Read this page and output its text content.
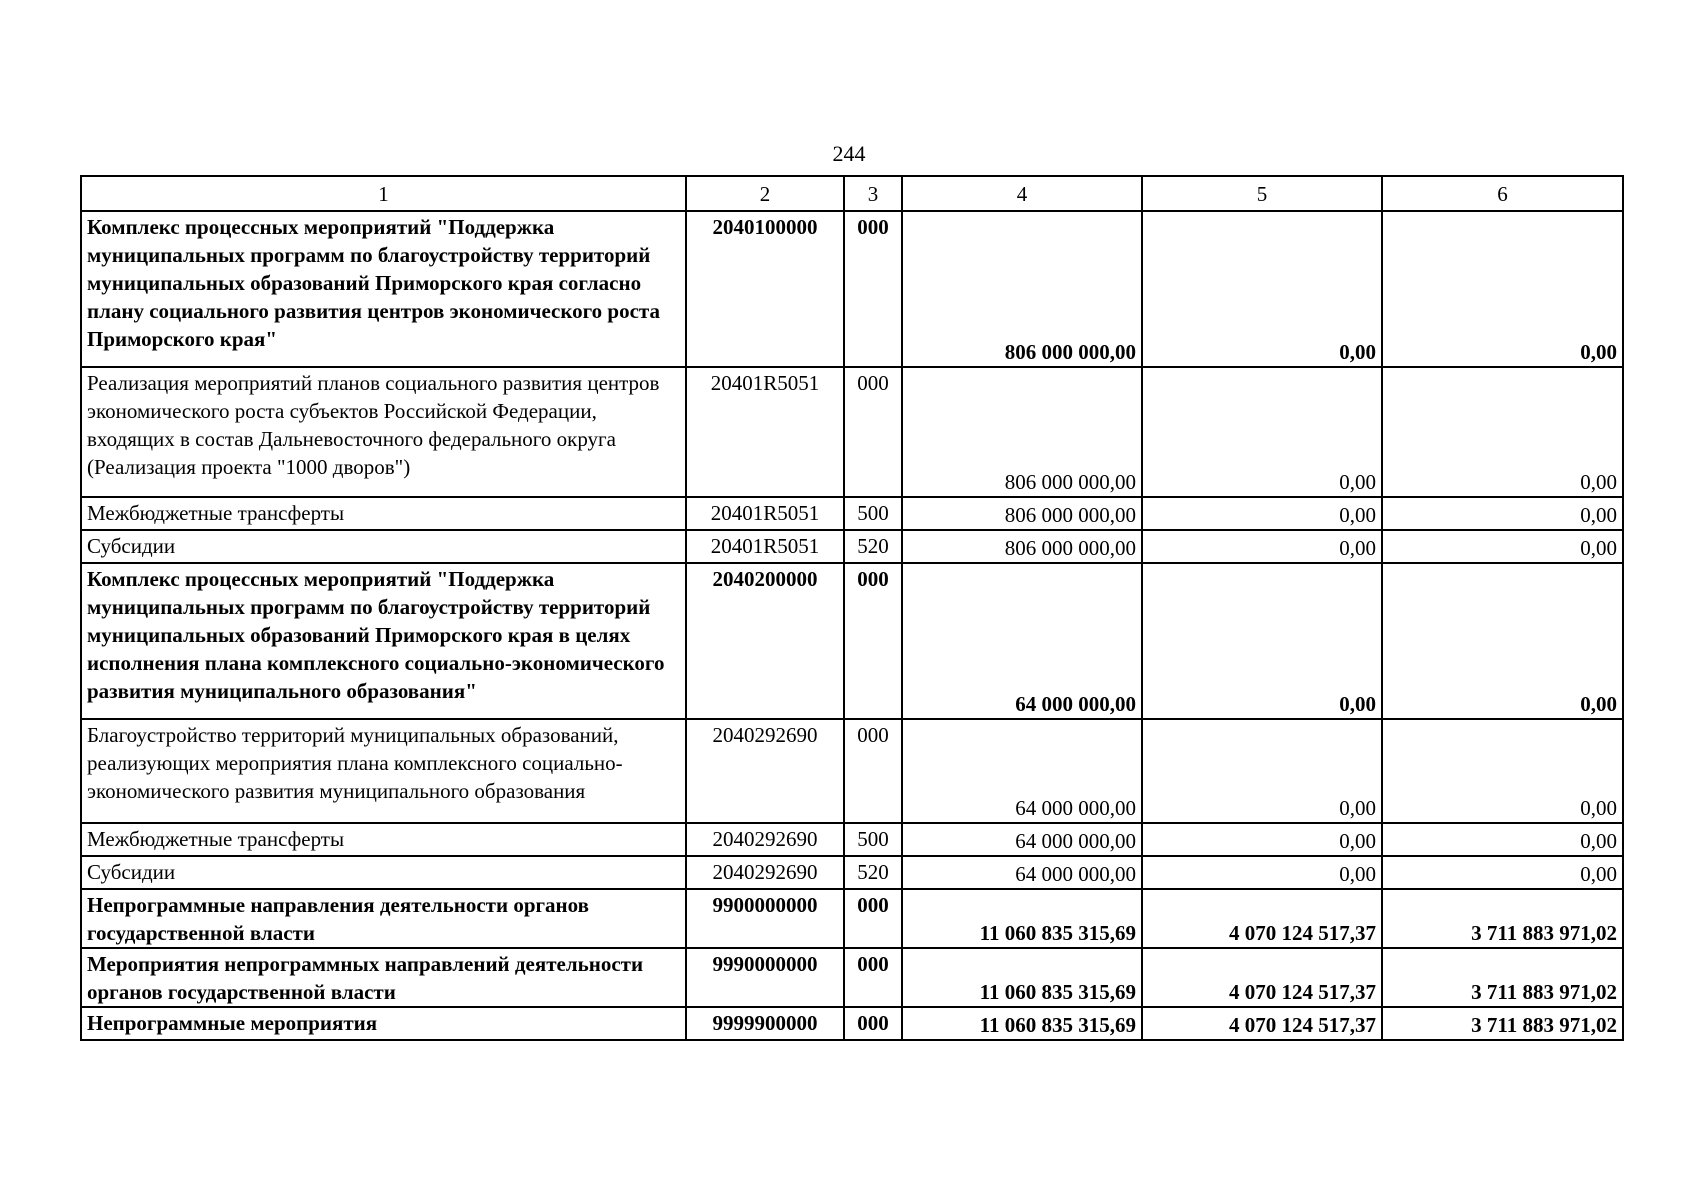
244
1	2	3	4	5	6
Комплекс процессных мероприятий "Поддержка муниципальных программ по благоустройству территорий муниципальных образований Приморского края согласно плану социального развития центров экономического роста Приморского края"	2040100000	000	806 000 000,00	0,00	0,00
Реализация мероприятий планов социального развития центров экономического роста субъектов Российской Федерации, входящих в состав Дальневосточного федерального округа (Реализация проекта "1000 дворов")	20401R5051	000	806 000 000,00	0,00	0,00
Межбюджетные трансферты	20401R5051	500	806 000 000,00	0,00	0,00
Субсидии	20401R5051	520	806 000 000,00	0,00	0,00
Комплекс процессных мероприятий "Поддержка муниципальных программ по благоустройству территорий муниципальных образований Приморского края в целях исполнения плана комплексного социально-экономического развития муниципального образования"	2040200000	000	64 000 000,00	0,00	0,00
Благоустройство территорий муниципальных образований, реализующих мероприятия плана комплексного социально-экономического развития муниципального образования	2040292690	000	64 000 000,00	0,00	0,00
Межбюджетные трансферты	2040292690	500	64 000 000,00	0,00	0,00
Субсидии	2040292690	520	64 000 000,00	0,00	0,00
Непрограммные направления деятельности органов государственной власти	9900000000	000	11 060 835 315,69	4 070 124 517,37	3 711 883 971,02
Мероприятия непрограммных направлений деятельности органов государственной власти	9990000000	000	11 060 835 315,69	4 070 124 517,37	3 711 883 971,02
Непрограммные мероприятия	9999900000	000	11 060 835 315,69	4 070 124 517,37	3 711 883 971,02
